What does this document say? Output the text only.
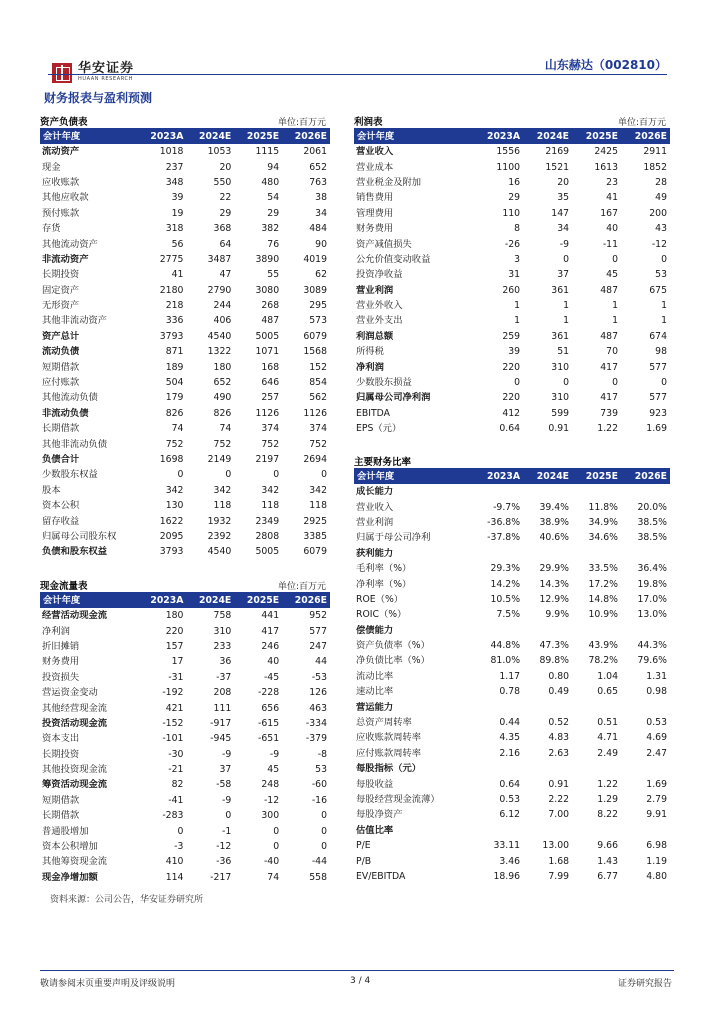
华安证券
HUAAN RESEARCH
山东赫达（002810）
财务报表与盈利预测
资产负债表	单位:百万元
会计年度	2023A	2024E	2025E	2026E
流动资产	1018	1053	1115	2061
现金	237	20	94	652
应收账款	348	550	480	763
其他应收款	39	22	54	38
预付账款	19	29	29	34
存货	318	368	382	484
其他流动资产	56	64	76	90
非流动资产	2775	3487	3890	4019
长期投资	41	47	55	62
固定资产	2180	2790	3080	3089
无形资产	218	244	268	295
其他非流动资产	336	406	487	573
资产总计	3793	4540	5005	6079
流动负债	871	1322	1071	1568
短期借款	189	180	168	152
应付账款	504	652	646	854
其他流动负债	179	490	257	562
非流动负债	826	826	1126	1126
长期借款	74	74	374	374
其他非流动负债	752	752	752	752
负债合计	1698	2149	2197	2694
少数股东权益	0	0	0	0
股本	342	342	342	342
资本公积	130	118	118	118
留存收益	1622	1932	2349	2925
归属母公司股东权	2095	2392	2808	3385
负债和股东权益	3793	4540	5005	6079
利润表	单位:百万元
会计年度	2023A	2024E	2025E	2026E
营业收入	1556	2169	2425	2911
营业成本	1100	1521	1613	1852
营业税金及附加	16	20	23	28
销售费用	29	35	41	49
管理费用	110	147	167	200
财务费用	8	34	40	43
资产减值损失	-26	-9	-11	-12
公允价值变动收益	3	0	0	0
投资净收益	31	37	45	53
营业利润	260	361	487	675
营业外收入	1	1	1	1
营业外支出	1	1	1	1
利润总额	259	361	487	674
所得税	39	51	70	98
净利润	220	310	417	577
少数股东损益	0	0	0	0
归属母公司净利润	220	310	417	577
EBITDA	412	599	739	923
EPS（元）	0.64	0.91	1.22	1.69
主要财务比率
会计年度	2023A	2024E	2025E	2026E
成长能力				
营业收入	-9.7%	39.4%	11.8%	20.0%
营业利润	-36.8%	38.9%	34.9%	38.5%
归属于母公司净利	-37.8%	40.6%	34.6%	38.5%
获利能力				
毛利率（%）	29.3%	29.9%	33.5%	36.4%
净利率（%）	14.2%	14.3%	17.2%	19.8%
ROE（%）	10.5%	12.9%	14.8%	17.0%
ROIC（%）	7.5%	9.9%	10.9%	13.0%
偿债能力				
资产负债率（%）	44.8%	47.3%	43.9%	44.3%
净负债比率（%）	81.0%	89.8%	78.2%	79.6%
流动比率	1.17	0.80	1.04	1.31
速动比率	0.78	0.49	0.65	0.98
营运能力				
总资产周转率	0.44	0.52	0.51	0.53
应收账款周转率	4.35	4.83	4.71	4.69
应付账款周转率	2.16	2.63	2.49	2.47
每股指标（元）				
每股收益	0.64	0.91	1.22	1.69
每股经营现金流薄）	0.53	2.22	1.29	2.79
每股净资产	6.12	7.00	8.22	9.91
估值比率				
P/E	33.11	13.00	9.66	6.98
P/B	3.46	1.68	1.43	1.19
EV/EBITDA	18.96	7.99	6.77	4.80
现金流量表	单位:百万元
会计年度	2023A	2024E	2025E	2026E
经营活动现金流	180	758	441	952
净利润	220	310	417	577
折旧摊销	157	233	246	247
财务费用	17	36	40	44
投资损失	-31	-37	-45	-53
营运资金变动	-192	208	-228	126
其他经营现金流	421	111	656	463
投资活动现金流	-152	-917	-615	-334
资本支出	-101	-945	-651	-379
长期投资	-30	-9	-9	-8
其他投资现金流	-21	37	45	53
筹资活动现金流	82	-58	248	-60
短期借款	-41	-9	-12	-16
长期借款	-283	0	300	0
普通股增加	0	-1	0	0
资本公积增加	-3	-12	0	0
其他筹资现金流	410	-36	-40	-44
现金净增加额	114	-217	74	558
资料来源：公司公告，华安证券研究所
敬请参阅末页重要声明及评级说明	3 / 4	证券研究报告
